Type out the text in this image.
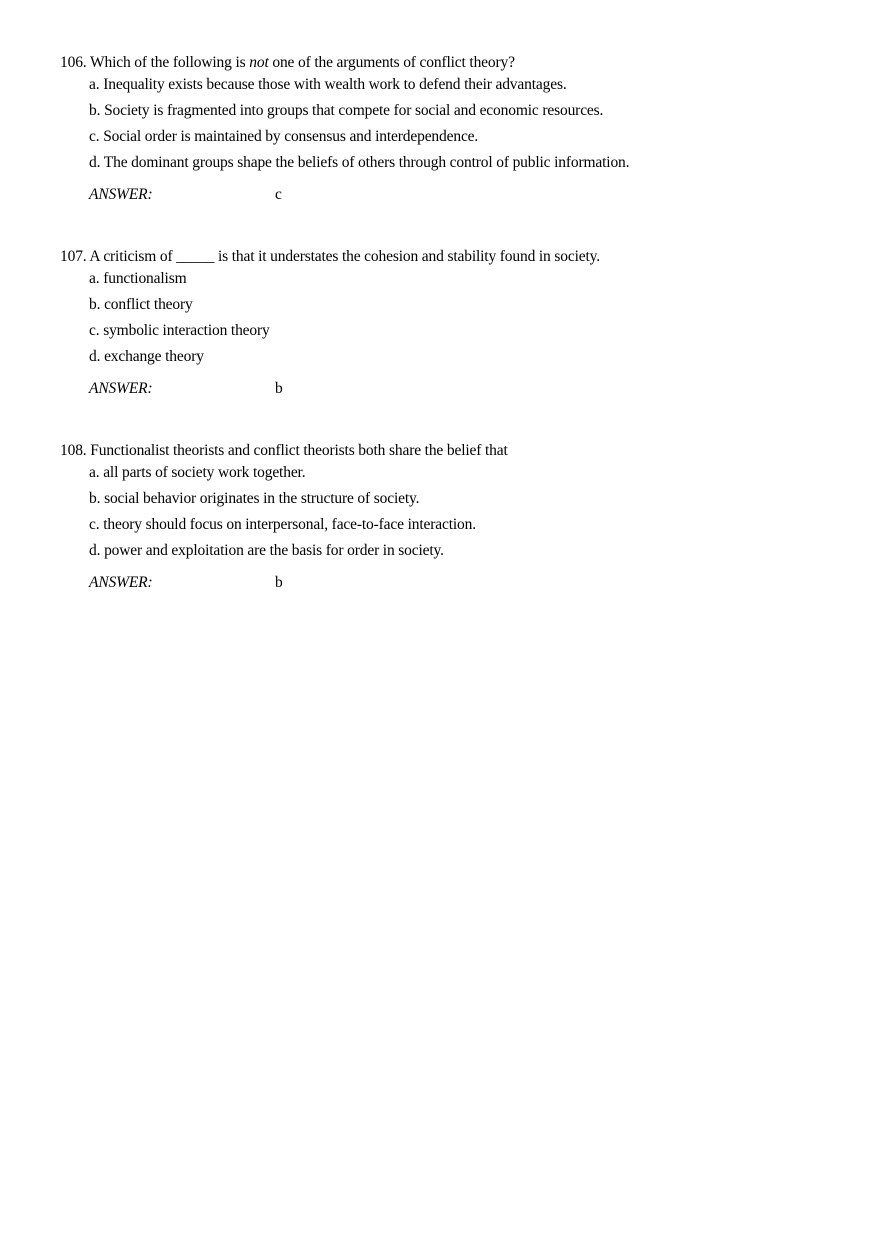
106. Which of the following is not one of the arguments of conflict theory?
a. Inequality exists because those with wealth work to defend their advantages.
b. Society is fragmented into groups that compete for social and economic resources.
c. Social order is maintained by consensus and interdependence.
d. The dominant groups shape the beliefs of others through control of public information.
ANSWER:	c
107. A criticism of _____ is that it understates the cohesion and stability found in society.
a. functionalism
b. conflict theory
c. symbolic interaction theory
d. exchange theory
ANSWER:	b
108. Functionalist theorists and conflict theorists both share the belief that
a. all parts of society work together.
b. social behavior originates in the structure of society.
c. theory should focus on interpersonal, face-to-face interaction.
d. power and exploitation are the basis for order in society.
ANSWER:	b
